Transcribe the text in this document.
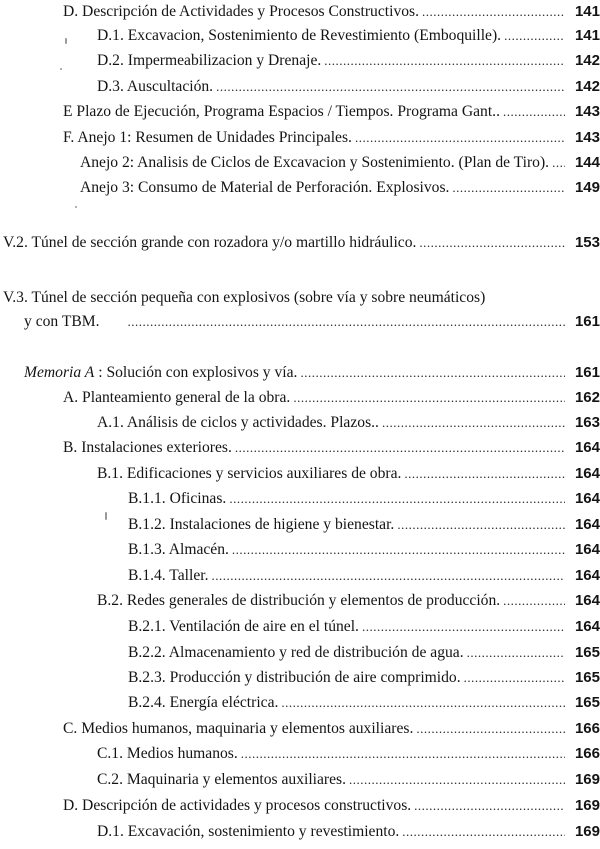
D. Descripción de Actividades y Procesos Constructivos. .....	141
D.1. Excavacion, Sostenimiento de Revestimiento (Emboquille). .....	141
D.2. Impermeabilizacion y Drenaje. .....	142
D.3. Auscultación. .....	142
E Plazo de Ejecución, Programa Espacios / Tiempos. Programa Gant.. .....	143
F. Anejo 1: Resumen de Unidades Principales. .....	143
Anejo 2: Analisis de Ciclos de Excavacion y Sostenimiento. (Plan de Tiro). .....	144
Anejo 3: Consumo de Material de Perforación. Explosivos. .....	149
V.2. Túnel de sección grande con rozadora y/o martillo hidráulico. .....	153
V.3. Túnel de sección pequeña con explosivos (sobre vía y sobre neumáticos)
y con TBM. .....	161
Memoria A : Solución con explosivos y vía. .....	161
A. Planteamiento general de la obra. .....	162
A.1. Análisis de ciclos y actividades. Plazos.. .....	163
B. Instalaciones exteriores. .....	164
B.1. Edificaciones y servicios auxiliares de obra. .....	164
B.1.1. Oficinas. .....	164
B.1.2. Instalaciones de higiene y bienestar. .....	164
B.1.3. Almacén. .....	164
B.1.4. Taller. .....	164
B.2. Redes generales de distribución y elementos de producción. .....	164
B.2.1. Ventilación de aire en el túnel. .....	164
B.2.2. Almacenamiento y red de distribución de agua. .....	165
B.2.3. Producción y distribución de aire comprimido. .....	165
B.2.4. Energía eléctrica. .....	165
C. Medios humanos, maquinaria y elementos auxiliares. .....	166
C.1. Medios humanos. .....	166
C.2. Maquinaria y elementos auxiliares. .....	169
D. Descripción de actividades y procesos constructivos. .....	169
D.1. Excavación, sostenimiento y revestimiento. .....	169
